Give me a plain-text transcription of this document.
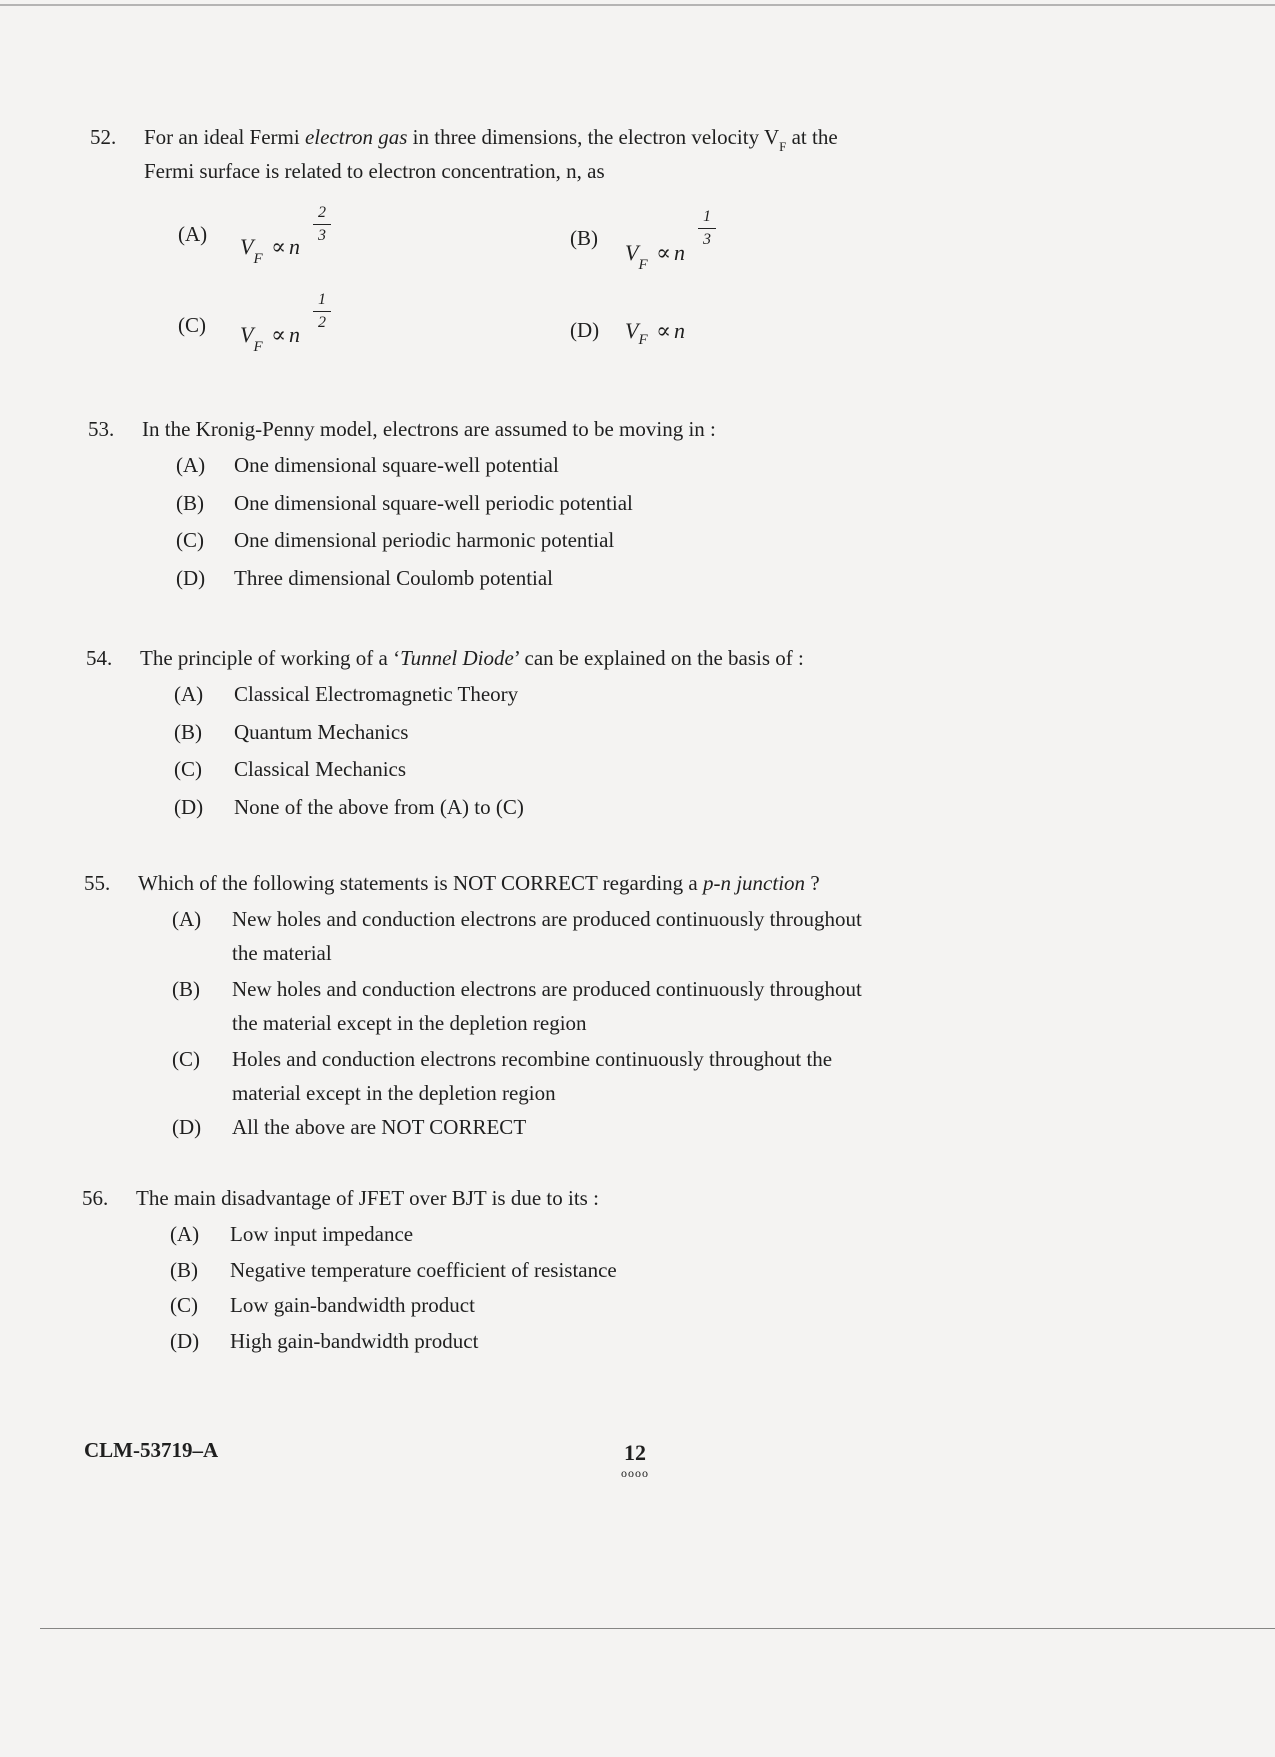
52. For an ideal Fermi electron gas in three dimensions, the electron velocity $V_F$ at the
Fermi surface is related to electron concentration, n, as
(A) $V_F \propto n$
2
3	(B)
$V_F \propto n$
1
3
(C) $V_F \propto n$
1
2	(D) $V_F \propto n$
53. In the Kronig-Penny model, electrons are assumed to be moving in :
(A) One dimensional square-well potential
(B) One dimensional square-well periodic potential
(C) One dimensional periodic harmonic potential
(D) Three dimensional Coulomb potential
54. The principle of working of a ‘Tunnel Diode’ can be explained on the basis of :
(A) Classical Electromagnetic Theory
(B) Quantum Mechanics
(C) Classical Mechanics
(D) None of the above from (A) to (C)
55. Which of the following statements is NOT CORRECT regarding a p-n junction ?
(A) New holes and conduction electrons are produced continuously throughout
the material
(B) New holes and conduction electrons are produced continuously throughout
the material except in the depletion region
(C) Holes and conduction electrons recombine continuously throughout the
material except in the depletion region
(D) All the above are NOT CORRECT
56. The main disadvantage of JFET over BJT is due to its :
(A) Low input impedance
(B) Negative temperature coefficient of resistance
(C) Low gain-bandwidth product
(D) High gain-bandwidth product
CLM-53719–A	12
oooo
